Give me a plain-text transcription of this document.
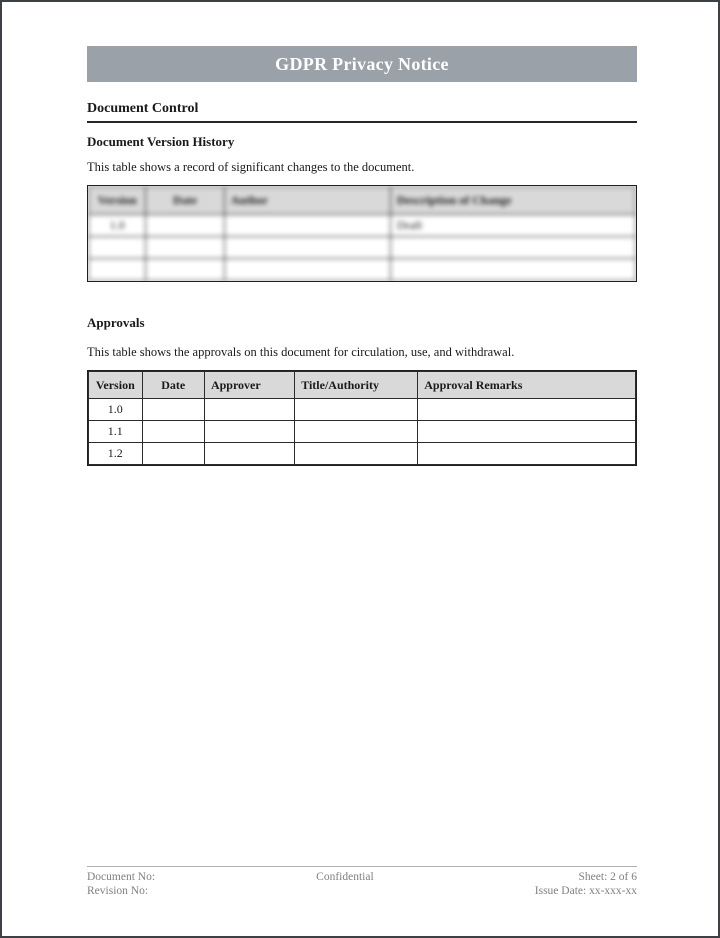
GDPR Privacy Notice
Document Control
Document Version History
This table shows a record of significant changes to the document.
Version	Date	Author	Description of Change
1.0			Draft

Approvals
This table shows the approvals on this document for circulation, use, and withdrawal.
Version	Date	Approver	Title/Authority	Approval Remarks
1.0				
1.1				
1.2				
Document No:
Revision No:
Confidential	Sheet: 2 of 6
Issue Date: xx-xxx-xx
